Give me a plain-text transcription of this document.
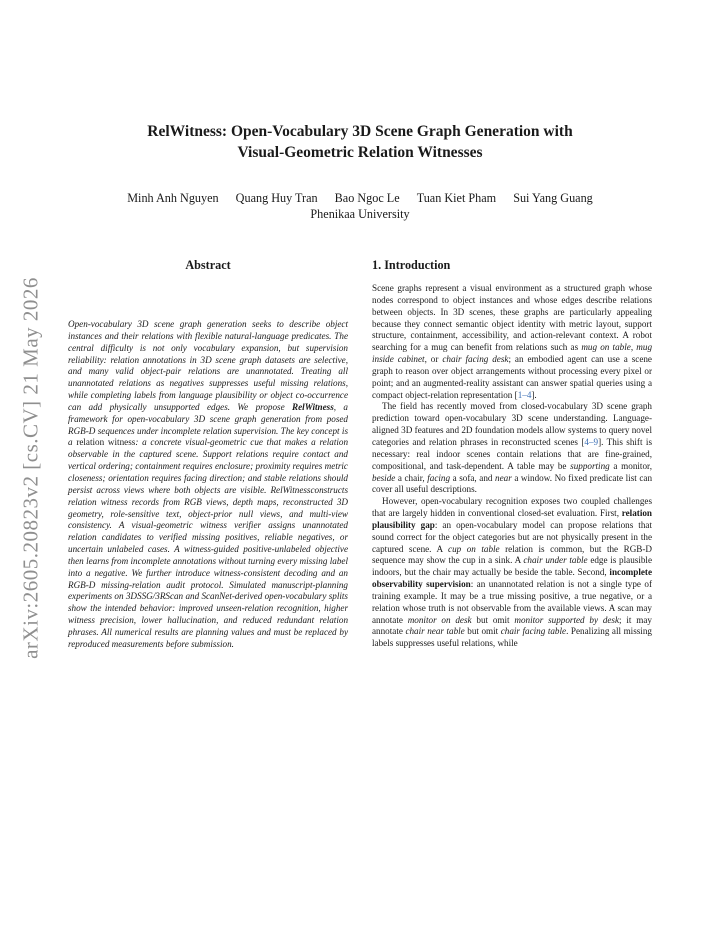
arXiv:2605.20823v2 [cs.CV] 21 May 2026
RelWitness: Open-Vocabulary 3D Scene Graph Generation with
Visual-Geometric Relation Witnesses
Minh Anh Nguyen Quang Huy Tran Bao Ngoc Le Tuan Kiet Pham Sui Yang Guang
Phenikaa University
Abstract	1. Introduction
Open-vocabulary 3D scene graph generation seeks to describe object instances and their relations with flexible natural-language predicates. The central difficulty is not only vocabulary expansion, but supervision reliability: relation annotations in 3D scene graph datasets are selective, and many valid object-pair relations are unannotated. Treating all unannotated relations as negatives suppresses useful missing relations, while completing labels from language plausibility or object co-occurrence can add physically unsupported edges. We propose RelWitness, a framework for open-vocabulary 3D scene graph generation from posed RGB-D sequences under incomplete relation supervision. The key concept is a relation witness: a concrete visual-geometric cue that makes a relation observable in the captured scene. Support relations require contact and vertical ordering; containment requires enclosure; proximity requires metric closeness; orientation requires facing direction; and stable relations should persist across views where both objects are visible. RelWitnessconstructs relation witness records from RGB views, depth maps, reconstructed 3D geometry, role-sensitive text, object-prior null views, and multi-view consistency. A visual-geometric witness verifier assigns unannotated relation candidates to verified missing positives, reliable negatives, or uncertain unlabeled cases. A witness-guided positive-unlabeled objective then learns from incomplete annotations without turning every missing label into a negative. We further introduce witness-consistent decoding and an RGB-D missing-relation audit protocol. Simulated manuscript-planning experiments on 3DSSG/3RScan and ScanNet-derived open-vocabulary splits show the intended behavior: improved unseen-relation recognition, higher witness precision, lower hallucination, and reduced redundant relation phrases. All numerical results are planning values and must be replaced by reproduced measurements before submission.

Scene graphs represent a visual environment as a structured graph whose nodes correspond to object instances and whose edges describe relations between objects. In 3D scenes, these graphs are particularly appealing because they connect semantic object identity with metric layout, support structure, containment, accessibility, and action-relevant context. A robot searching for a mug can benefit from relations such as mug on table, mug inside cabinet, or chair facing desk; an embodied agent can use a scene graph to reason over object arrangements without processing every pixel or point; and an augmented-reality assistant can answer spatial queries using a compact object-relation representation [1–4].

The field has recently moved from closed-vocabulary 3D scene graph prediction toward open-vocabulary 3D scene understanding. Language-aligned 3D features and 2D foundation models allow systems to query novel categories and relation phrases in reconstructed scenes [4–9]. This shift is necessary: real indoor scenes contain relations that are fine-grained, compositional, and task-dependent. A table may be supporting a monitor, beside a chair, facing a sofa, and near a window. No fixed predicate list can cover all useful descriptions.

However, open-vocabulary recognition exposes two coupled challenges that are largely hidden in conventional closed-set evaluation. First, relation plausibility gap: an open-vocabulary model can propose relations that sound correct for the object categories but are not physically present in the captured scene. A cup on table relation is common, but the RGB-D sequence may show the cup in a sink. A chair under table edge is plausible indoors, but the chair may actually be beside the table. Second, incomplete observability supervision: an unannotated relation is not a single type of training example. It may be a true missing positive, a true negative, or a relation whose truth is not observable from the available views. A scan may annotate monitor on desk but omit monitor supported by desk; it may annotate chair near table but omit chair facing table. Penalizing all missing labels suppresses useful relations, while
